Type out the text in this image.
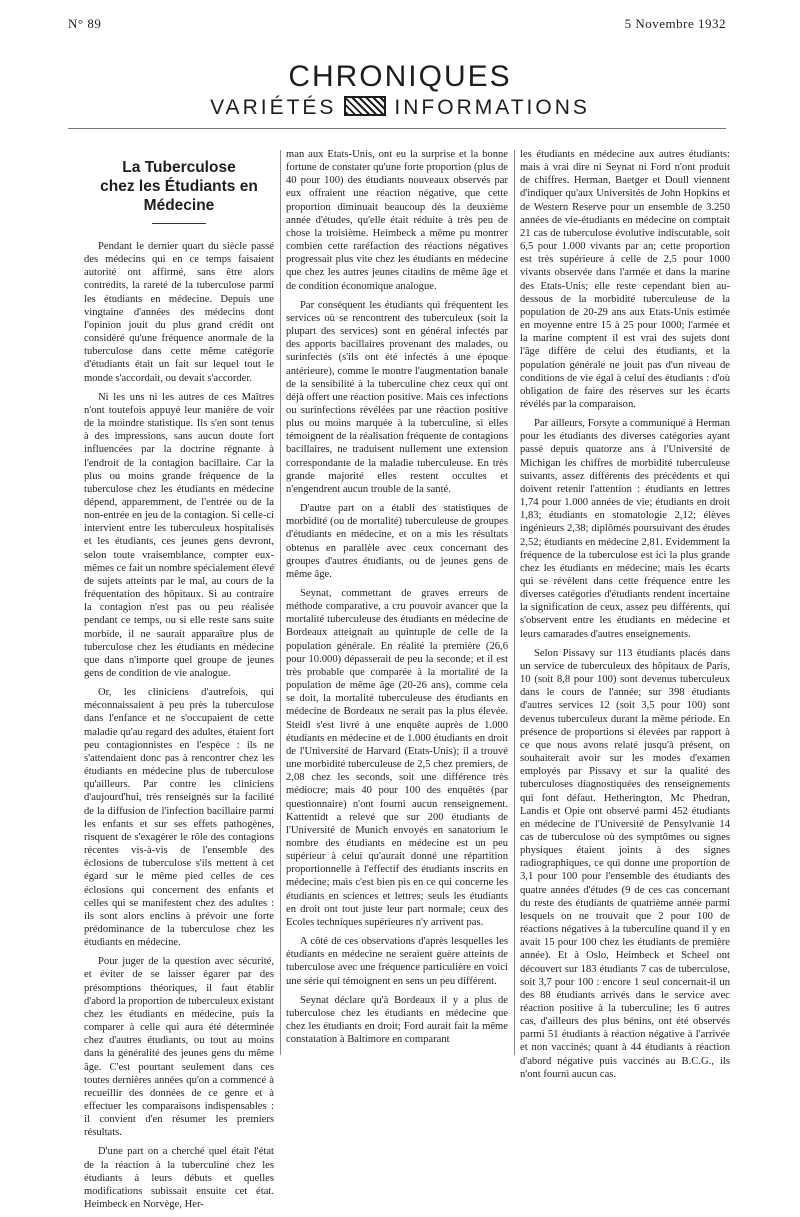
N° 89	5 Novembre 1932
CHRONIQUES
VARIÉTÉS	INFORMATIONS
La Tuberculose
chez les Étudiants en Médecine

Pendant le dernier quart du siècle passé des médecins qui en ce temps faisaient autorité ont affirmé, sans être alors contredits, la rareté de la tuberculose parmi les étudiants en médecine. Depuis une vingtaine d'années des médecins dont l'opinion jouit du plus grand crédit ont considéré qu'une fréquence anormale de la tuberculose dans cette même catégorie d'étudiants était un fait sur lequel tout le monde s'accordait, ou devait s'accorder.

Ni les uns ni les autres de ces Maîtres n'ont toutefois appuyé leur manière de voir de la moindre statistique. Ils s'en sont tenus à des impressions, sans aucun doute fort influencées par la doctrine régnante à l'endroit de la contagion bacillaire. Car la plus ou moins grande fréquence de la tuberculose chez les étudiants en médecine dépend, apparemment, de l'entrée ou de la non-entrée en jeu de la contagion. Si celle-ci intervient entre les tuberculeux hospitalisés et les étudiants, ces jeunes gens devront, selon toute vraisemblance, compter eux-mêmes ce fait un nombre spécialement élevé de sujets atteints par le mal, au cours de la fréquentation des hôpitaux. Si au contraire la contagion n'est pas ou peu réalisée pendant ce temps, ou si elle reste sans suite morbide, il ne saurait apparaître plus de tuberculose chez les étudiants en médecine que dans n'importe quel groupe de jeunes gens de condition de vie analogue.

Or, les cliniciens d'autrefois, qui méconnaissaient à peu près la tuberculose dans l'enfance et ne s'occupaient de cette maladie qu'au regard des adultes, étaient fort peu contagionnistes en l'espèce : ils ne s'attendaient donc pas à rencontrer chez les étudiants en médecine plus de tuberculose qu'ailleurs. Par contre les cliniciens d'aujourd'hui, très renseignés sur la facilité de la diffusion de l'infection bacillaire parmi les enfants et sur ses effets pathogènes, risquent de s'exagérer le rôle des contagions récentes vis-à-vis de l'ensemble des éclosions de tuberculose s'ils mettent à cet égard sur le même pied celles de ces éclosions qui concernent des enfants et celles qui se manifestent chez des adultes : ils sont alors enclins à prévoir une forte prédominance de la tuberculose chez les étudiants en médecine.

Pour juger de la question avec sécurité, et éviter de se laisser égarer par des présomptions théoriques, il faut établir d'abord la proportion de tuberculeux existant chez les étudiants en médecine, puis la comparer à celle qui aura été déterminée chez d'autres étudiants, ou tout au moins dans la généralité des jeunes gens du même âge. C'est pourtant seulement dans ces toutes dernières années qu'on a commencé à recueillir des données de ce genre et à effectuer les comparaisons indispensables : il convient d'en résumer les premiers résultats.

D'une part on a cherché quel était l'état de la réaction à la tuberculine chez les étudiants à leurs débuts et quelles modifications subissait ensuite cet état. Heimbeck en Norvège, Her-

man aux Etats-Unis, ont eu la surprise et la bonne fortune de constater qu'une forte proportion (plus de 40 pour 100) des étudiants nouveaux observés par eux offraient une réaction négative, que cette proportion diminuait beaucoup dès la deuxième année d'études, qu'elle était réduite à très peu de chose la troisième. Heimbeck a même pu montrer combien cette raréfaction des réactions négatives progressait plus vite chez les étudiants en médecine que chez les autres jeunes citadins de même âge et de condition économique analogue.

Par conséquent les étudiants qui fréquentent les services où se rencontrent des tuberculeux (soit la plupart des services) sont en général infectés par des apports bacillaires provenant des malades, ou surinfectés (s'ils ont été infectés à une époque antérieure), comme le montre l'augmentation banale de la sensibilité à la tuberculine chez ceux qui ont déjà offert une réaction positive. Mais ces infections ou surinfections révélées par une réaction positive plus ou moins marquée à la tuberculine, si elles témoignent de la réalisation fréquente de contagions bacillaires, ne traduisent nullement une extension correspondante de la maladie tuberculeuse. En très grande majorité elles restent occultes et n'engendrent aucun trouble de la santé.

D'autre part on a établi des statistiques de morbidité (ou de mortalité) tuberculeuse de groupes d'étudiants en médecine, et on a mis les résultats obtenus en parallèle avec ceux concernant des groupes d'autres étudiants, ou de jeunes gens de même âge.

Seynat, commettant de graves erreurs de méthode comparative, a cru pouvoir avancer que la mortalité tuberculeuse des étudiants en médecine de Bordeaux atteignait au quintuple de celle de la population générale. En réalité la première (26,6 pour 10.000) dépasserait de peu la seconde; et il est très probable que comparée à la mortalité de la population de même âge (20-26 ans), comme cela se doit, la mortalité tuberculeuse des étudiants en médecine de Bordeaux ne serait pas la plus élevée. Steidl s'est livré à une enquête auprès de 1.000 étudiants en médecine et de 1.000 étudiants en droit de l'Université de Harvard (Etats-Unis); il a trouvé une morbidité tuberculeuse de 2,5 chez premiers, de 2,08 chez les seconds, soit une différence très médiocre; mais 40 pour 100 des enquêtés (par questionnaire) n'ont fourni aucun renseignement. Kattentidt a relevé que sur 200 étudiants de l'Université de Munich envoyés en sanatorium le nombre des étudiants en médecine est un peu supérieur à celui qu'aurait donné une répartition proportionnelle à l'effectif des étudiants inscrits en médecine; mais c'est bien pis en ce qui concerne les étudiants en sciences et lettres; seuls les étudiants en droit ont tout juste leur part normale; ceux des Ecoles techniques supérieures n'y arrivent pas.

A côté de ces observations d'après lesquelles les étudiants en médecine ne seraient guère atteints de tuberculose avec une fréquence particulière en voici une série qui témoignent en sens un peu différent.

Seynat déclare qu'à Bordeaux il y a plus de tuberculose chez les étudiants en médecine que chez les étudiants en droit; Ford aurait fait la même constatation à Baltimore en comparant

les étudiants en médecine aux autres étudiants: mais à vrai dire ni Seynat ni Ford n'ont produit de chiffres. Herman, Baetger et Doull viennent d'indiquer qu'aux Universités de John Hopkins et de Western Reserve pour un ensemble de 3.250 années de vie-étudiants en médecine on comptait 21 cas de tuberculose évolutive indiscutable, soit 6,5 pour 1.000 vivants par an; cette proportion est très supérieure à celle de 2,5 pour 1000 vivants observée dans l'armée et dans la marine des Etats-Unis; elle reste cependant bien au-dessous de la morbidité tuberculeuse de la population de 20-29 ans aux Etats-Unis estimée en moyenne entre 15 à 25 pour 1000; l'armée et la marine comptent il est vrai des sujets dont l'âge diffère de celui des étudiants, et la population générale ne jouit pas d'un niveau de conditions de vie égal à celui des étudiants : d'où obligation de faire des réserves sur les écarts révélés par la comparaison.

Par ailleurs, Forsyte a communiqué à Herman pour les étudiants des diverses catégories ayant passé depuis quatorze ans à l'Université de Michigan les chiffres de morbidité tuberculeuse suivants, assez différents des précédents et qui doivent retenir l'attention : étudiants en lettres 1,74 pour 1.000 années de vie; étudiants en droit 1,83; étudiants en stomatologie 2,12; élèves ingénieurs 2,38; diplômés poursuivant des études 2,52; étudiants en médecine 2,81. Evidemment la fréquence de la tuberculose est ici la plus grande chez les étudiants en médecine; mais les écarts qui se révèlent dans cette fréquence entre les diverses catégories d'étudiants rendent incertaine la signification de ceux, assez peu différents, qui s'observent entre les étudiants en médecine et leurs camarades d'autres enseignements.

Selon Pissavy sur 113 étudiants placés dans un service de tuberculeux des hôpitaux de Paris, 10 (soit 8,8 pour 100) sont devenus tuberculeux dans le cours de l'année; sur 398 étudiants d'autres services 12 (soit 3,5 pour 100) sont devenus tuberculeux durant la même période. En présence de proportions si élevées par rapport à ce que nous avons relaté jusqu'à présent, on souhaiterait avoir sur les modes d'examen employés par Pissavy et sur la qualité des tuberculoses diagnostiquées des renseignements qui font défaut. Hetherington, Mc Phedran, Landis et Opie ont observé parmi 452 étudiants en médecine de l'Université de Pensylvanie 14 cas de tuberculose où des symptômes ou signes physiques étaient joints à des signes radiographiques, ce qui donne une proportion de 3,1 pour 100 pour l'ensemble des étudiants des quatre années d'études (9 de ces cas concernant du reste des étudiants de quatrième année parmi lesquels on ne trouvait que 2 pour 100 de réactions négatives à la tuberculine quand il y en avait 15 pour 100 chez les étudiants de première année). Et à Oslo, Heimbeck et Scheel ont découvert sur 183 étudiants 7 cas de tuberculose, soit 3,7 pour 100 : encore 1 seul concernait-il un des 88 étudiants arrivés dans le service avec réaction positive à la tuberculine; les 6 autres cas, d'ailleurs des plus bénins, ont été observés parmi 51 étudiants à réaction négative à l'arrivée et non vaccinés; quant à 44 étudiants à réaction d'abord négative puis vaccinés au B.C.G., ils n'ont fourni aucun cas.
